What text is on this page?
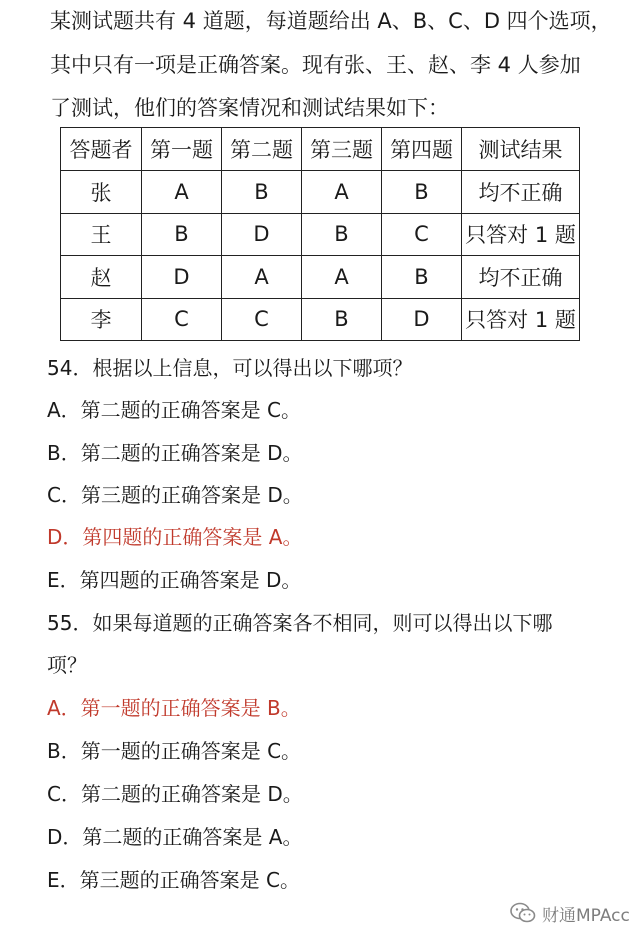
某测试题共有 4 道题，每道题给出 A、B、C、D 四个选项，
其中只有一项是正确答案。现有张、王、赵、李 4 人参加
了测试，他们的答案情况和测试结果如下：
答题者	第一题	第二题	第三题	第四题	测试结果
张	A	B	A	B	均不正确
王	B	D	B	C	只答对 1 题
赵	D	A	A	B	均不正确
李	C	C	B	D	只答对 1 题
54．根据以上信息，可以得出以下哪项？
A．第二题的正确答案是 C。
B．第二题的正确答案是 D。
C．第三题的正确答案是 D。
D．第四题的正确答案是 A。
E．第四题的正确答案是 D。
55．如果每道题的正确答案各不相同，则可以得出以下哪
项？
A．第一题的正确答案是 B。
B．第一题的正确答案是 C。
C．第二题的正确答案是 D。
D．第二题的正确答案是 A。
E．第三题的正确答案是 C。
财通MPAcc
